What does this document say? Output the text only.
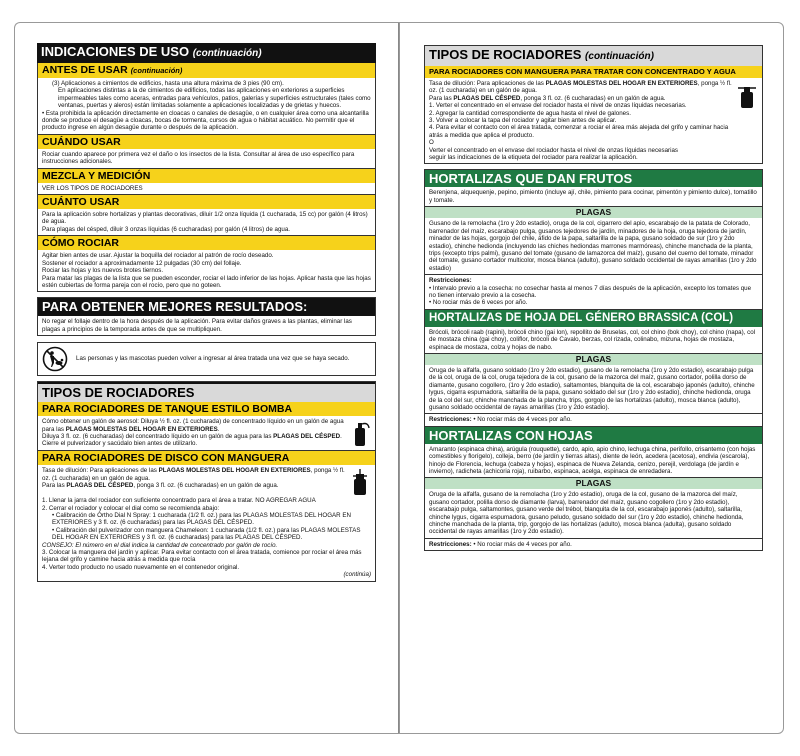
INDICACIONES DE USO (continuación)
ANTES DE USAR (continuación)
(3) Aplicaciones a cimientos de edificios, hasta una altura máxima de 3 pies (90 cm).
En aplicaciones distintas a la de cimientos de edificios, todas las aplicaciones en exteriores a superficies impermeables tales como aceras, entradas para vehículos, patios, galerías y superficies estructurales (tales como ventanas, puertas y aleros) están limitadas solamente a aplicaciones localizadas y de grietas y huecos.
• Esta prohibida la aplicación directamente en cloacas o canales de desagüe, o en cualquier área como una alcantarilla donde se produce el desagüe a cloacas, bocas de tormenta, cursos de agua o hábitat acuático. No permitir que el producto ingrese en algún desagüe durante o después de la aplicación.
CUÁNDO USAR
Rociar cuando aparece por primera vez el daño o los insectos de la lista. Consultar al área de uso específico para instrucciones adicionales.
MEZCLA Y MEDICIÓN
VER LOS TIPOS DE ROCIADORES
CUÁNTO USAR
Para la aplicación sobre hortalizas y plantas decorativas, diluir 1/2 onza líquida (1 cucharada, 15 cc) por galón (4 litros) de agua.
Para plagas del césped, diluir 3 onzas líquidas (6 cucharadas) por galón (4 litros) de agua.
CÓMO ROCIAR
Agitar bien antes de usar. Ajustar la boquilla del rociador al patrón de rocío deseado.
Sostener el rociador a aproximadamente 12 pulgadas (30 cm) del follaje.
Rociar las hojas y los nuevos brotes tiernos.
Para matar las plagas de la lista que se pueden esconder, rociar el lado inferior de las hojas. Aplicar hasta que las hojas estén cubiertas de forma pareja con el rocío, pero que no goteen.
PARA OBTENER MEJORES RESULTADOS:
No regar el follaje dentro de la hora después de la aplicación. Para evitar daños graves a las plantas, eliminar las plagas a principios de la temporada antes de que se multipliquen.
Las personas y las mascotas pueden volver a ingresar al área tratada una vez que se haya secado.
TIPOS DE ROCIADORES
PARA ROCIADORES DE TANQUE ESTILO BOMBA
Cómo obtener un galón de aerosol: Diluya ½ fl. oz. (1 cucharada) de concentrado líquido en un galón de agua para las PLAGAS MOLESTAS DEL HOGAR EN EXTERIORES.
Diluya 3 fl. oz. (6 cucharadas) del concentrado líquido en un galón de agua para las PLAGAS DEL CÉSPED.
Cierre el pulverizador y sacúdalo bien antes de utilizarlo.
PARA ROCIADORES DE DISCO CON MANGUERA
Tasa de dilución: Para aplicaciones de las PLAGAS MOLESTAS DEL HOGAR EN EXTERIORES, ponga ½ fl. oz. (1 cucharada) en un galón de agua.
Para las PLAGAS DEL CÉSPED, ponga 3 fl. oz. (6 cucharadas) en un galón de agua.
1. Llenar la jarra del rociador con suficiente concentrado para el área a tratar. NO AGREGAR AGUA
2. Cerrar el rociador y colocar el dial como se recomienda abajo:
• Calibración de Ortho Dial N Spray: 1 cucharada (1/2 fl. oz.) para las PLAGAS MOLESTAS DEL HOGAR EN EXTERIORES y 3 fl. oz. (6 cucharadas) para las PLAGAS DEL CÉSPED.
• Calibración del pulverizador con manguera Chameleon: 1 cucharada (1/2 fl. oz.) para las PLAGAS MOLESTAS DEL HOGAR EN EXTERIORES y 3 fl. oz. (6 cucharadas) para las PLAGAS DEL CÉSPED.
CONSEJO: El número en el dial indica la cantidad de concentrado por galón de rocío.
3. Colocar la manguera del jardín y aplicar. Para evitar contacto con el área tratada, comience por rociar el área más lejana del grifo y camine hacia atrás a medida que rocía
4. Verter todo producto no usado nuevamente en el contenedor original.
(continúa)
TIPOS DE ROCIADORES (continuación)
PARA ROCIADORES CON MANGUERA PARA TRATAR CON CONCENTRADO Y AGUA
Tasa de dilución: Para aplicaciones de las PLAGAS MOLESTAS DEL HOGAR EN EXTERIORES, ponga ½ fl. oz. (1 cucharada) en un galón de agua.
Para las PLAGAS DEL CÉSPED, ponga 3 fl. oz. (6 cucharadas) en un galón de agua.
1. Verter el concentrado en el envase del rociador hasta el nivel de onzas líquidas necesarias.
2. Agregar la cantidad correspondiente de agua hasta el nivel de galones.
3. Volver a colocar la tapa del rociador y agitar bien antes de aplicar.
4. Para evitar el contacto con el área tratada, comenzar a rociar el área más alejada del grifo y caminar hacia atrás a medida que aplica el producto.
O
Verter el concentrado en el envase del rociador hasta el nivel de onzas líquidas necesarias
seguir las indicaciones de la etiqueta del rociador para realizar la aplicación.
HORTALIZAS QUE DAN FRUTOS
Berenjena, alquequenje, pepino, pimiento (incluye ají, chile, pimiento para cocinar, pimentón y pimiento dulce), tomatillo y tomate.
PLAGAS
Gusano de la remolacha (1ro y 2do estadio), oruga de la col, cigarrero del apio, escarabajo de la patata de Colorado, barrenador del maíz, escarabajo pulga, gusanos tejedores de jardín, minadores de la hoja, oruga tejedora de jardín, minador de las hojas, gorgojo del chile, áfido de la papa, saltarilla de la papa, gusano soldado de sur (1ro y 2do estadio), chinche hedionda (incluyendo las chiches hediondas marrones marmóreas), chinche manchada de la planta, trips (excepto trips palmi), gusano del tomate (gusano de lamazorca del maíz), gusano del cuerno del tomate, minador del tomate, gusano cortador multicolor, mosca blanca (adulto), gusano soldado occidental de rayas amarillas (1ro y 2do estadio)
Restricciones:
• Intervalo previo a la cosecha: no cosechar hasta al menos 7 días después de la aplicación, excepto los tomates que no tienen intervalo previo a la cosecha.
• No rociar más de 6 veces por año.
HORTALIZAS DE HOJA DEL GÉNERO BRASSICA (COL)
Brócoli, brócoli raab (rapini), brócoli chino (gai lon), repollito de Bruselas, col, col chino (bok choy), col chino (napa), col de mostaza china (gai choy), coliflor, brócoli de Cavalo, berzas, col rizada, colinabo, mizuna, hojas de mostaza, espinaca de mostaza, colza y hojas de nabo.
PLAGAS
Oruga de la alfalfa, gusano soldado (1ro y 2do estadio), gusano de la remolacha (1ro y 2do estadio), escarabajo pulga de la col, oruga de la col, oruga tejedora de la col, gusano de la mazorca del maíz, gusano cortador, polilla dorso de diamante, gusano cogollero, (1ro y 2do estadio), saltamontes, blanquita de la col, escarabajo japonés (adulto), chinche lygus, cigarra espumadora, saltarilla de la papa, gusano soldado del sur (1ro y 2do estadio), chinche hedionda, oruga de la col del sur, chinche manchada de la plancha, trips, gorgojo de las hortalizas (adulto), mosca blanca (adulto), gusano soldado occidental de rayas amarillas (1ro y 2do estadio).
Restricciones: • No rociar más de 4 veces por año.
HORTALIZAS CON HOJAS
Amaranto (espinaca china), arúgula (rouquette), cardo, apio, apio chino, lechuga china, perifollo, crisantemo (con hojas comestibles y florígelo), colleja, berro (de jardín y tierras altas), diente de león, acedera (acetosa), endivia (escarola), hinojo de Florencia, lechuga (cabeza y hojas), espinaca de Nueva Zelanda, cenizo, perejil, verdolaga (de jardín e invierno), radicheta (achicoria roja), ruibarbo, espinaca, acelga, espinaca de enredadera.
PLAGAS
Oruga de la alfalfa, gusano de la remolacha (1ro y 2do estadio), oruga de la col, gusano de la mazorca del maíz, gusano cortador, polilla dorso de diamante (larva), barrenador del maíz, gusano cogollero (1ro y 2do estadio), escarabajo pulga, saltamontes, gusano verde del trébol, blanquita de la col, escarabajo japonés (adulto), saltarilla, chinche lygus, cigarra espumadora, gusano peludo, gusano soldado del sur (1ro y 2do estadio), chinche hedionda, chinche manchada de la planta, trip, gorgojo de las hortalizas (adulto), mosca blanca (adulta), gusano soldado occidental de rayas amarillas (1ro y 2do estadio).
Restricciones: • No rociar más de 4 veces por año.
